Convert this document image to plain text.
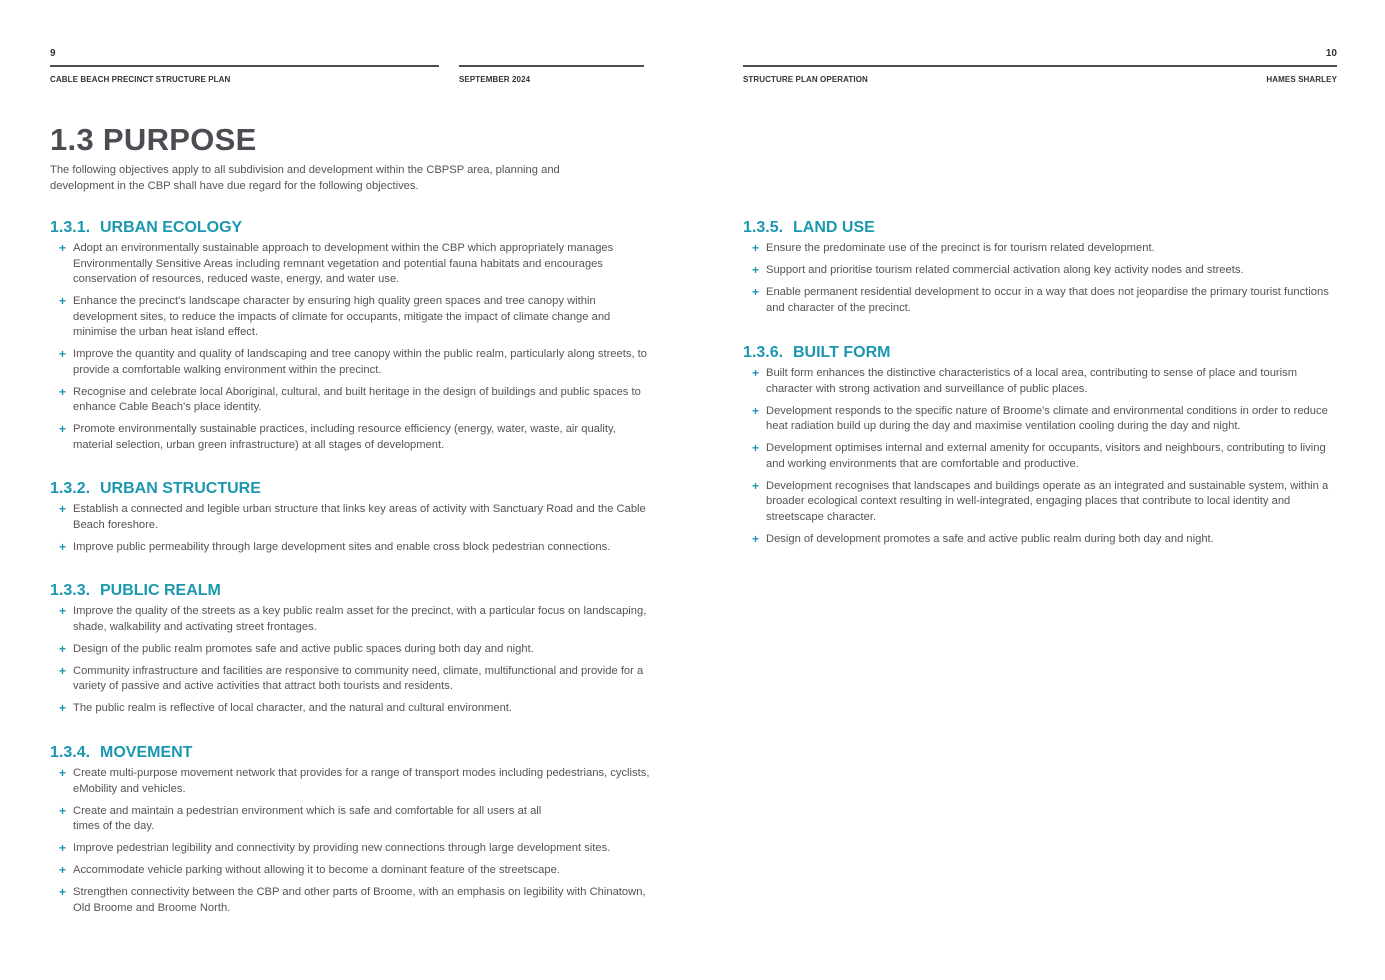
9
CABLE BEACH PRECINCT STRUCTURE PLAN	SEPTEMBER 2024
1.3 PURPOSE
The following objectives apply to all subdivision and development within the CBPSP area, planning and development in the CBP shall have due regard for the following objectives.
1.3.1. URBAN ECOLOGY
+ Adopt an environmentally sustainable approach to development within the CBP which appropriately manages Environmentally Sensitive Areas including remnant vegetation and potential fauna habitats and encourages conservation of resources, reduced waste, energy, and water use.
+ Enhance the precinct's landscape character by ensuring high quality green spaces and tree canopy within development sites, to reduce the impacts of climate for occupants, mitigate the impact of climate change and minimise the urban heat island effect.
+ Improve the quantity and quality of landscaping and tree canopy within the public realm, particularly along streets, to provide a comfortable walking environment within the precinct.
+ Recognise and celebrate local Aboriginal, cultural, and built heritage in the design of buildings and public spaces to enhance Cable Beach's place identity.
+ Promote environmentally sustainable practices, including resource efficiency (energy, water, waste, air quality, material selection, urban green infrastructure) at all stages of development.
1.3.2. URBAN STRUCTURE
+ Establish a connected and legible urban structure that links key areas of activity with Sanctuary Road and the Cable Beach foreshore.
+ Improve public permeability through large development sites and enable cross block pedestrian connections.
1.3.3. PUBLIC REALM
+ Improve the quality of the streets as a key public realm asset for the precinct, with a particular focus on landscaping, shade, walkability and activating street frontages.
+ Design of the public realm promotes safe and active public spaces during both day and night.
+ Community infrastructure and facilities are responsive to community need, climate, multifunctional and provide for a variety of passive and active activities that attract both tourists and residents.
+ The public realm is reflective of local character, and the natural and cultural environment.
1.3.4. MOVEMENT
+ Create multi-purpose movement network that provides for a range of transport modes including pedestrians, cyclists, eMobility and vehicles.
+ Create and maintain a pedestrian environment which is safe and comfortable for all users at all times of the day.
+ Improve pedestrian legibility and connectivity by providing new connections through large development sites.
+ Accommodate vehicle parking without allowing it to become a dominant feature of the streetscape.
+ Strengthen connectivity between the CBP and other parts of Broome, with an emphasis on legibility with Chinatown, Old Broome and Broome North.
10
STRUCTURE PLAN OPERATION	HAMES SHARLEY
1.3.5. LAND USE
+ Ensure the predominate use of the precinct is for tourism related development.
+ Support and prioritise tourism related commercial activation along key activity nodes and streets.
+ Enable permanent residential development to occur in a way that does not jeopardise the primary tourist functions and character of the precinct.
1.3.6. BUILT FORM
+ Built form enhances the distinctive characteristics of a local area, contributing to sense of place and tourism character with strong activation and surveillance of public places.
+ Development responds to the specific nature of Broome's climate and environmental conditions in order to reduce heat radiation build up during the day and maximise ventilation cooling during the day and night.
+ Development optimises internal and external amenity for occupants, visitors and neighbours, contributing to living and working environments that are comfortable and productive.
+ Development recognises that landscapes and buildings operate as an integrated and sustainable system, within a broader ecological context resulting in well-integrated, engaging places that contribute to local identity and streetscape character.
+ Design of development promotes a safe and active public realm during both day and night.
